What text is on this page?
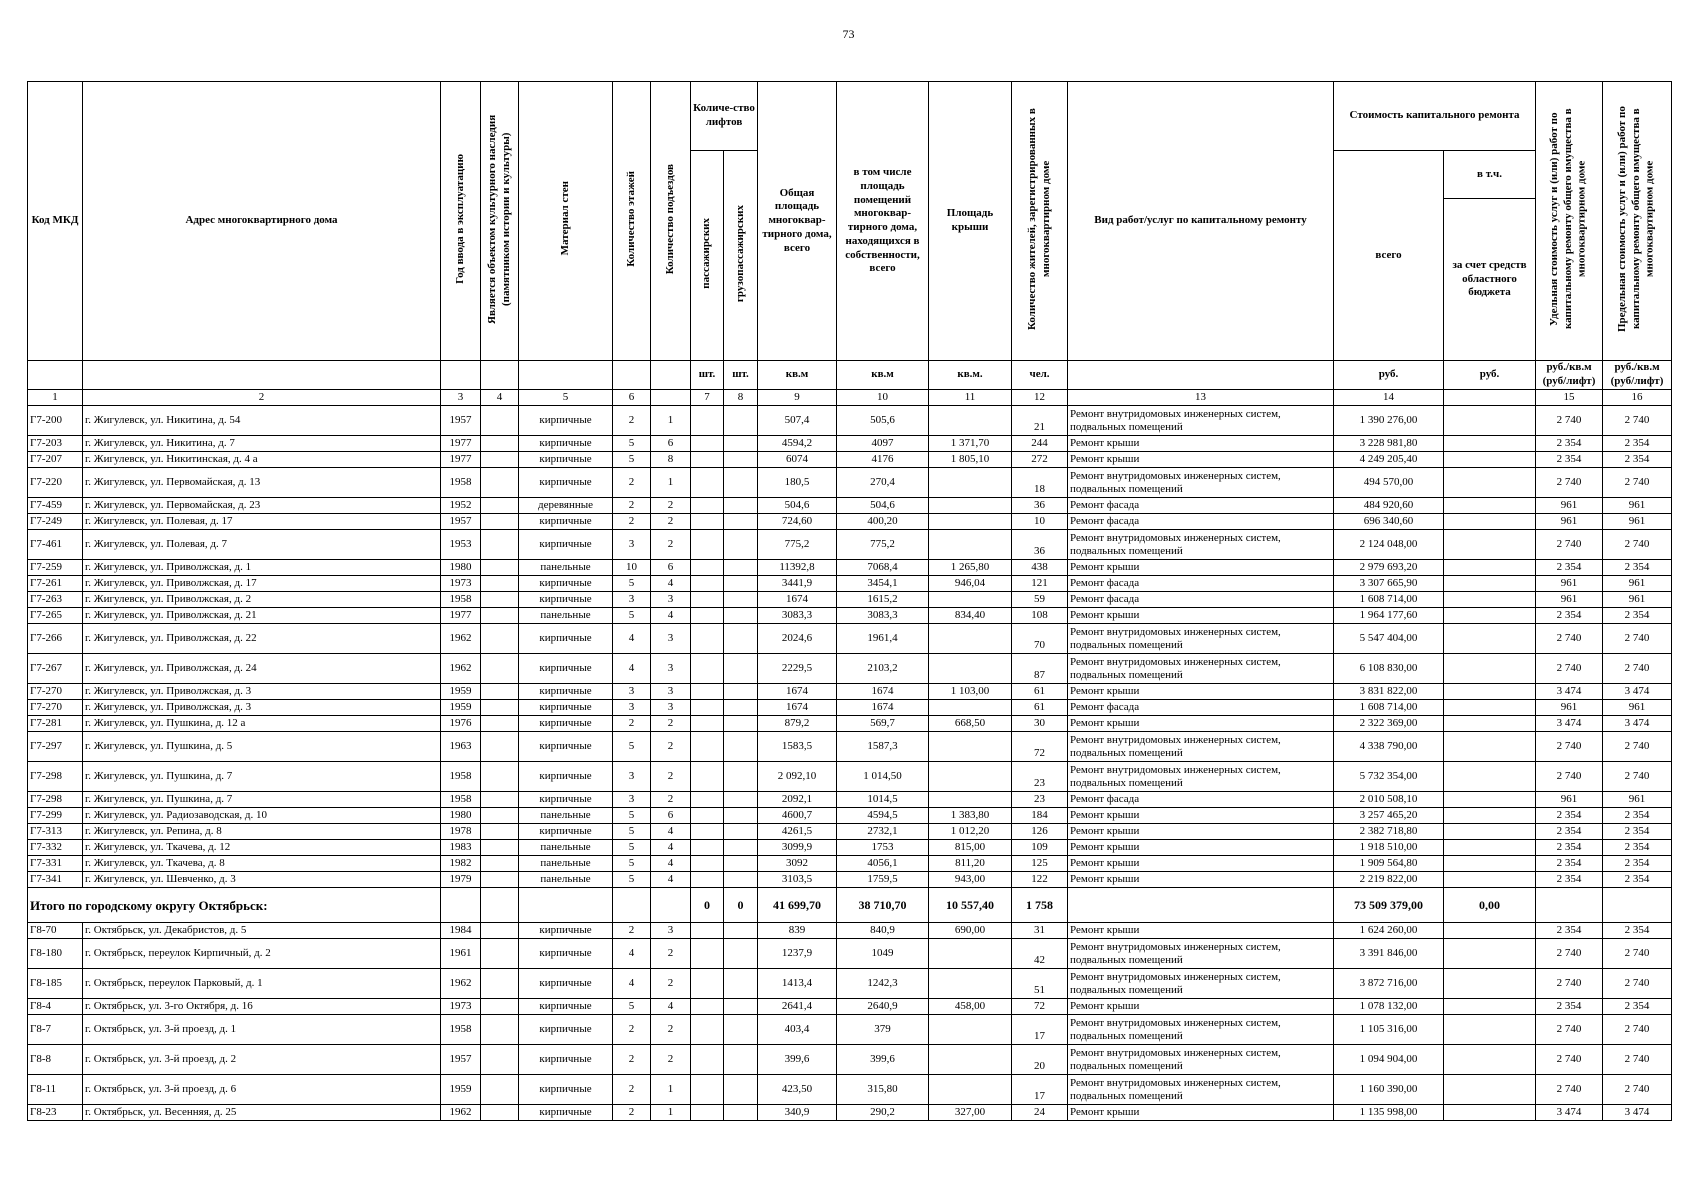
73
Код МКД	Адрес многоквартирного дома	Год ввода в эксплуатацию	Является объектом культурного наследия (памятником истории и культуры)	Материал стен	Количество этажей	Количество подъездов	Количе-ство лифтов		Общая площадь многоквар-тирного дома, всего	в том числе площадь помещений многоквар-тирного дома, находящихся в собственности, всего	Площадь крыши	Количество жителей, зарегистрированных в многоквартирном доме	Вид работ/услуг по капитальному ремонту	Стоимость капитального ремонта		Удельная стоимость услуг и (или) работ по капитальному ремонту общего имущества в многоквартирном доме	Предельная стоимость услуг и (или) работ по капитальному ремонту общего имущества в многоквартирном доме
							пассажирских	грузопассажирских						всего	в т.ч.		
															за счет средств областного бюджета		
							шт.	шт.	кв.м	кв.м	кв.м.	чел.		руб.	руб.	руб./кв.м (руб/лифт)	руб./кв.м (руб/лифт)
1	2	3	4	5	6		7	8	9	10	11	12	13	14		15	16
Г7-200	г. Жигулевск, ул. Никитина, д. 54	1957		кирпичные	2	1			507,4	505,6		21	Ремонт внутридомовых инженерных систем, подвальных помещений	1 390 276,00		2 740	2 740
Г7-203	г. Жигулевск, ул. Никитина, д. 7	1977		кирпичные	5	6			4594,2	4097	1 371,70	244	Ремонт крыши	3 228 981,80		2 354	2 354
Г7-207	г. Жигулевск, ул. Никитинская, д. 4 а	1977		кирпичные	5	8			6074	4176	1 805,10	272	Ремонт крыши	4 249 205,40		2 354	2 354
Г7-220	г. Жигулевск, ул. Первомайская, д. 13	1958		кирпичные	2	1			180,5	270,4		18	Ремонт внутридомовых инженерных систем, подвальных помещений	494 570,00		2 740	2 740
Г7-459	г. Жигулевск, ул. Первомайская, д. 23	1952		деревянные	2	2			504,6	504,6		36	Ремонт фасада	484 920,60		961	961
Г7-249	г. Жигулевск, ул. Полевая, д. 17	1957		кирпичные	2	2			724,60	400,20		10	Ремонт фасада	696 340,60		961	961
Г7-461	г. Жигулевск, ул. Полевая, д. 7	1953		кирпичные	3	2			775,2	775,2		36	Ремонт внутридомовых инженерных систем, подвальных помещений	2 124 048,00		2 740	2 740
Г7-259	г. Жигулевск, ул. Приволжская, д. 1	1980		панельные	10	6			11392,8	7068,4	1 265,80	438	Ремонт крыши	2 979 693,20		2 354	2 354
Г7-261	г. Жигулевск, ул. Приволжская, д. 17	1973		кирпичные	5	4			3441,9	3454,1	946,04	121	Ремонт фасада	3 307 665,90		961	961
Г7-263	г. Жигулевск, ул. Приволжская, д. 2	1958		кирпичные	3	3			1674	1615,2		59	Ремонт фасада	1 608 714,00		961	961
Г7-265	г. Жигулевск, ул. Приволжская, д. 21	1977		панельные	5	4			3083,3	3083,3	834,40	108	Ремонт крыши	1 964 177,60		2 354	2 354
Г7-266	г. Жигулевск, ул. Приволжская, д. 22	1962		кирпичные	4	3			2024,6	1961,4		70	Ремонт внутридомовых инженерных систем, подвальных помещений	5 547 404,00		2 740	2 740
Г7-267	г. Жигулевск, ул. Приволжская, д. 24	1962		кирпичные	4	3			2229,5	2103,2		87	Ремонт внутридомовых инженерных систем, подвальных помещений	6 108 830,00		2 740	2 740
Г7-270	г. Жигулевск, ул. Приволжская, д. 3	1959		кирпичные	3	3			1674	1674	1 103,00	61	Ремонт крыши	3 831 822,00		3 474	3 474
Г7-270	г. Жигулевск, ул. Приволжская, д. 3	1959		кирпичные	3	3			1674	1674		61	Ремонт фасада	1 608 714,00		961	961
Г7-281	г. Жигулевск, ул. Пушкина, д. 12 а	1976		кирпичные	2	2			879,2	569,7	668,50	30	Ремонт крыши	2 322 369,00		3 474	3 474
Г7-297	г. Жигулевск, ул. Пушкина, д. 5	1963		кирпичные	5	2			1583,5	1587,3		72	Ремонт внутридомовых инженерных систем, подвальных помещений	4 338 790,00		2 740	2 740
Г7-298	г. Жигулевск, ул. Пушкина, д. 7	1958		кирпичные	3	2			2 092,10	1 014,50		23	Ремонт внутридомовых инженерных систем, подвальных помещений	5 732 354,00		2 740	2 740
Г7-298	г. Жигулевск, ул. Пушкина, д. 7	1958		кирпичные	3	2			2092,1	1014,5		23	Ремонт фасада	2 010 508,10		961	961
Г7-299	г. Жигулевск, ул. Радиозаводская, д. 10	1980		панельные	5	6			4600,7	4594,5	1 383,80	184	Ремонт крыши	3 257 465,20		2 354	2 354
Г7-313	г. Жигулевск, ул. Репина, д. 8	1978		кирпичные	5	4			4261,5	2732,1	1 012,20	126	Ремонт крыши	2 382 718,80		2 354	2 354
Г7-332	г. Жигулевск, ул. Ткачева, д. 12	1983		панельные	5	4			3099,9	1753	815,00	109	Ремонт крыши	1 918 510,00		2 354	2 354
Г7-331	г. Жигулевск, ул. Ткачева, д. 8	1982		панельные	5	4			3092	4056,1	811,20	125	Ремонт крыши	1 909 564,80		2 354	2 354
Г7-341	г. Жигулевск, ул. Шевченко, д. 3	1979		панельные	5	4			3103,5	1759,5	943,00	122	Ремонт крыши	2 219 822,00		2 354	2 354
Итого по городскому округу Октябрьск:							0	0	41 699,70	38 710,70	10 557,40	1 758		73 509 379,00	0,00		
Г8-70	г. Октябрьск, ул. Декабристов, д. 5	1984		кирпичные	2	3			839	840,9	690,00	31	Ремонт крыши	1 624 260,00		2 354	2 354
Г8-180	г. Октябрьск, переулок Кирпичный, д. 2	1961		кирпичные	4	2			1237,9	1049		42	Ремонт внутридомовых инженерных систем, подвальных помещений	3 391 846,00		2 740	2 740
Г8-185	г. Октябрьск, переулок Парковый, д. 1	1962		кирпичные	4	2			1413,4	1242,3		51	Ремонт внутридомовых инженерных систем, подвальных помещений	3 872 716,00		2 740	2 740
Г8-4	г. Октябрьск, ул. 3-го Октября, д. 16	1973		кирпичные	5	4			2641,4	2640,9	458,00	72	Ремонт крыши	1 078 132,00		2 354	2 354
Г8-7	г. Октябрьск, ул. 3-й проезд, д. 1	1958		кирпичные	2	2			403,4	379		17	Ремонт внутридомовых инженерных систем, подвальных помещений	1 105 316,00		2 740	2 740
Г8-8	г. Октябрьск, ул. 3-й проезд, д. 2	1957		кирпичные	2	2			399,6	399,6		20	Ремонт внутридомовых инженерных систем, подвальных помещений	1 094 904,00		2 740	2 740
Г8-11	г. Октябрьск, ул. 3-й проезд, д. 6	1959		кирпичные	2	1			423,50	315,80		17	Ремонт внутридомовых инженерных систем, подвальных помещений	1 160 390,00		2 740	2 740
Г8-23	г. Октябрьск, ул. Весенняя, д. 25	1962		кирпичные	2	1			340,9	290,2	327,00	24	Ремонт крыши	1 135 998,00		3 474	3 474
